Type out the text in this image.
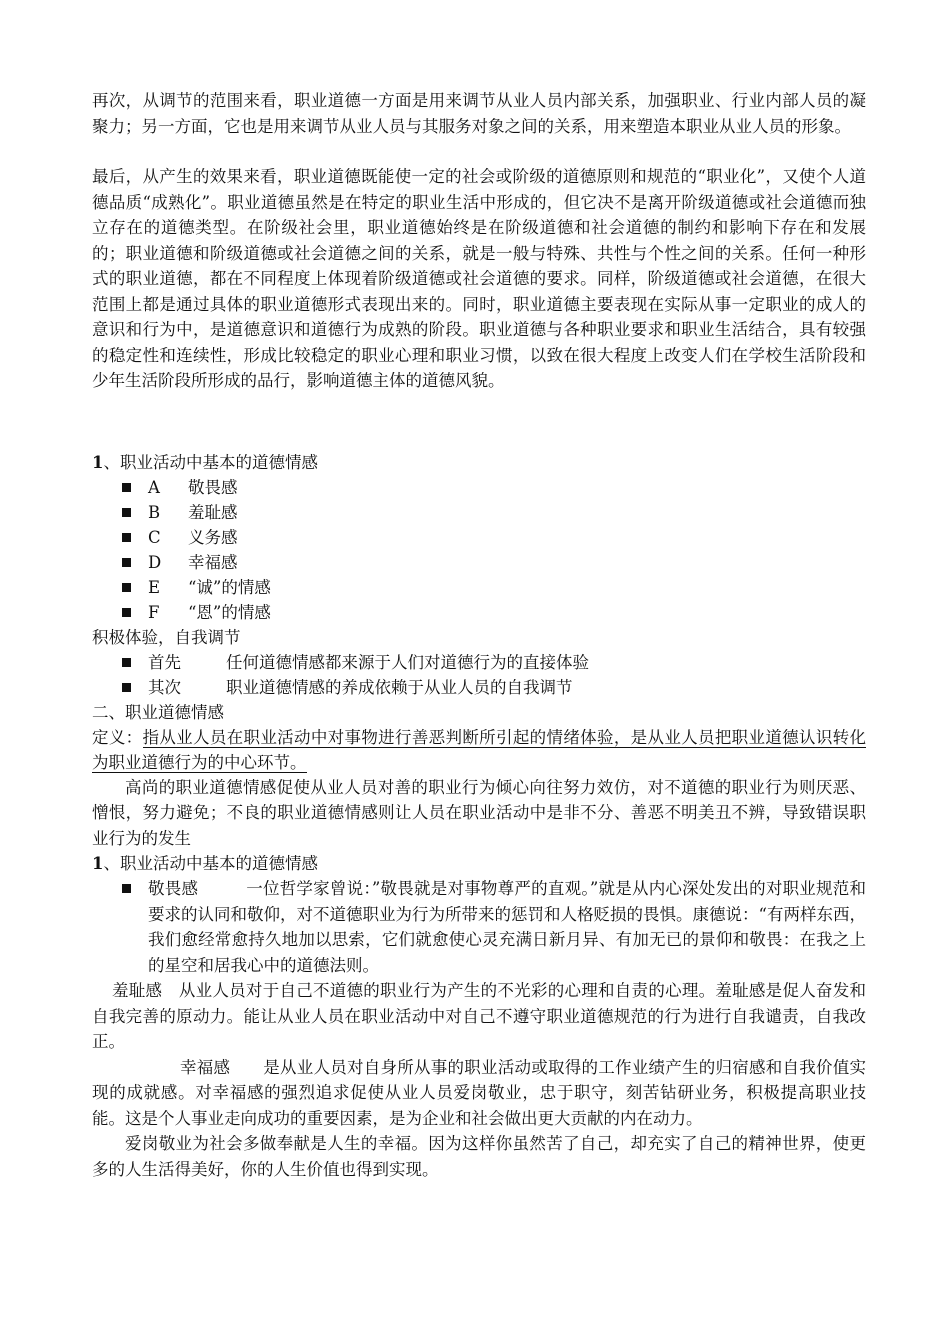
再次，从调节的范围来看，职业道德一方面是用来调节从业人员内部关系，加强职业、行业内部人员的凝聚力；另一方面，它也是用来调节从业人员与其服务对象之间的关系，用来塑造本职业从业人员的形象。

最后，从产生的效果来看，职业道德既能使一定的社会或阶级的道德原则和规范的“职业化”，又使个人道德品质“成熟化”。职业道德虽然是在特定的职业生活中形成的，但它决不是离开阶级道德或社会道德而独立存在的道德类型。在阶级社会里，职业道德始终是在阶级道德和社会道德的制约和影响下存在和发展的；职业道德和阶级道德或社会道德之间的关系，就是一般与特殊、共性与个性之间的关系。任何一种形式的职业道德，都在不同程度上体现着阶级道德或社会道德的要求。同样，阶级道德或社会道德，在很大范围上都是通过具体的职业道德形式表现出来的。同时，职业道德主要表现在实际从事一定职业的成人的意识和行为中，是道德意识和道德行为成熟的阶段。职业道德与各种职业要求和职业生活结合，具有较强的稳定性和连续性，形成比较稳定的职业心理和职业习惯，以致在很大程度上改变人们在学校生活阶段和少年生活阶段所形成的品行，影响道德主体的道德风貌。

1、职业活动中基本的道德情感

A 敬畏感

B 羞耻感

C 义务感

D 幸福感

E “诚”的情感

F “恩”的情感

积极体验，自我调节

首先	任何道德情感都来源于人们对道德行为的直接体验

其次	职业道德情感的养成依赖于从业人员的自我调节

二、职业道德情感

定义：指从业人员在职业活动中对事物进行善恶判断所引起的情绪体验，是从业人员把职业道德认识转化为职业道德行为的中心环节。

高尚的职业道德情感促使从业人员对善的职业行为倾心向往努力效仿，对不道德的职业行为则厌恶、憎恨，努力避免；不良的职业道德情感则让人员在职业活动中是非不分、善恶不明美丑不辨，导致错误职业行为的发生

1、职业活动中基本的道德情感

敬畏感	一位哲学家曾说：”敬畏就是对事物尊严的直观。”就是从内心深处发出的对职业规范和要求的认同和敬仰，对不道德职业为行为所带来的惩罚和人格贬损的畏惧。康德说：“有两样东西，我们愈经常愈持久地加以思索，它们就愈使心灵充满日新月异、有加无已的景仰和敬畏：在我之上的星空和居我心中的道德法则。

羞耻感 从业人员对于自己不道德的职业行为产生的不光彩的心理和自责的心理。羞耻感是促人奋发和自我完善的原动力。能让从业人员在职业活动中对自己不遵守职业道德规范的行为进行自我谴责，自我改正。

幸福感 是从业人员对自身所从事的职业活动或取得的工作业绩产生的归宿感和自我价值实现的成就感。对幸福感的强烈追求促使从业人员爱岗敬业，忠于职守，刻苦钻研业务，积极提高职业技能。这是个人事业走向成功的重要因素，是为企业和社会做出更大贡献的内在动力。

爱岗敬业为社会多做奉献是人生的幸福。因为这样你虽然苦了自己，却充实了自己的精神世界，使更多的人生活得美好，你的人生价值也得到实现。
